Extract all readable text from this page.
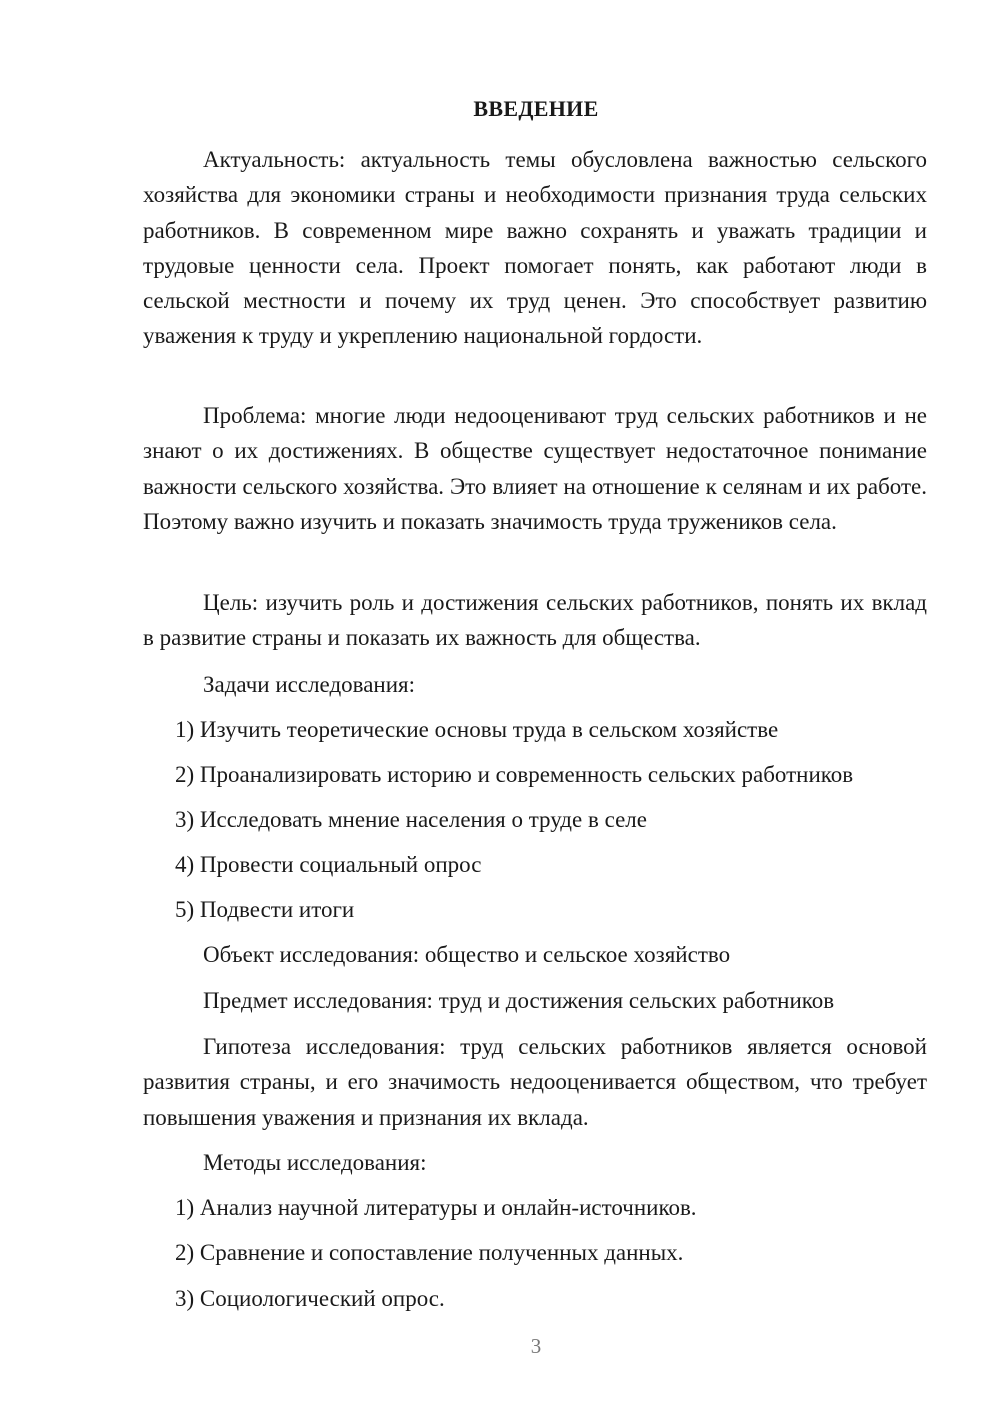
ВВЕДЕНИЕ

Актуальность: актуальность темы обусловлена важностью сельского хозяйства для экономики страны и необходимости признания труда сельских работников. В современном мире важно сохранять и уважать традиции и трудовые ценности села. Проект помогает понять, как работают люди в сельской местности и почему их труд ценен. Это способствует развитию уважения к труду и укреплению национальной гордости.

Проблема: многие люди недооценивают труд сельских работников и не знают о их достижениях. В обществе существует недостаточное понимание важности сельского хозяйства. Это влияет на отношение к селянам и их работе. Поэтому важно изучить и показать значимость труда тружеников села.

Цель: изучить роль и достижения сельских работников, понять их вклад в развитие страны и показать их важность для общества.

Задачи исследования:
1) Изучить теоретические основы труда в сельском хозяйстве
2) Проанализировать историю и современность сельских работников
3) Исследовать мнение населения о труде в селе
4) Провести социальный опрос
5) Подвести итоги
Объект исследования: общество и сельское хозяйство
Предмет исследования: труд и достижения сельских работников

Гипотеза исследования: труд сельских работников является основой развития страны, и его значимость недооценивается обществом, что требует повышения уважения и признания их вклада.

Методы исследования:
1) Анализ научной литературы и онлайн-источников.
2) Сравнение и сопоставление полученных данных.
3) Социологический опрос.
3
